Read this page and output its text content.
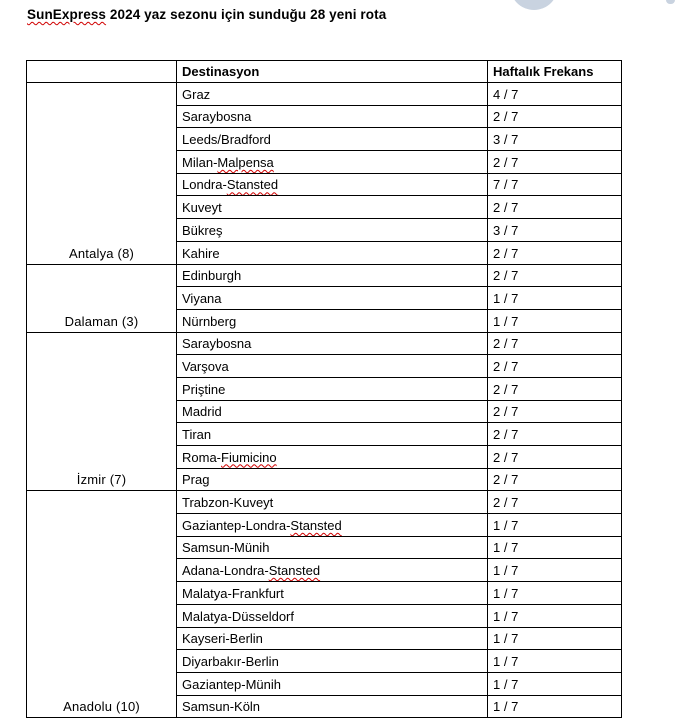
SunExpress 2024 yaz sezonu için sunduğu 28 yeni rota
	Destinasyon	Haftalık Frekans
Antalya (8)	Graz	4 / 7
	Saraybosna	2 / 7
	Leeds/Bradford	3 / 7
	Milan-Malpensa	2 / 7
	Londra-Stansted	7 / 7
	Kuveyt	2 / 7
	Bükreş	3 / 7
	Kahire	2 / 7
Dalaman (3)	Edinburgh	2 / 7
	Viyana	1 / 7
	Nürnberg	1 / 7
İzmir (7)	Saraybosna	2 / 7
	Varşova	2 / 7
	Priştine	2 / 7
	Madrid	2 / 7
	Tiran	2 / 7
	Roma-Fiumicino	2 / 7
	Prag	2 / 7
Anadolu (10)	Trabzon-Kuveyt	2 / 7
	Gaziantep-Londra-Stansted	1 / 7
	Samsun-Münih	1 / 7
	Adana-Londra-Stansted	1 / 7
	Malatya-Frankfurt	1 / 7
	Malatya-Düsseldorf	1 / 7
	Kayseri-Berlin	1 / 7
	Diyarbakır-Berlin	1 / 7
	Gaziantep-Münih	1 / 7
	Samsun-Köln	1 / 7
